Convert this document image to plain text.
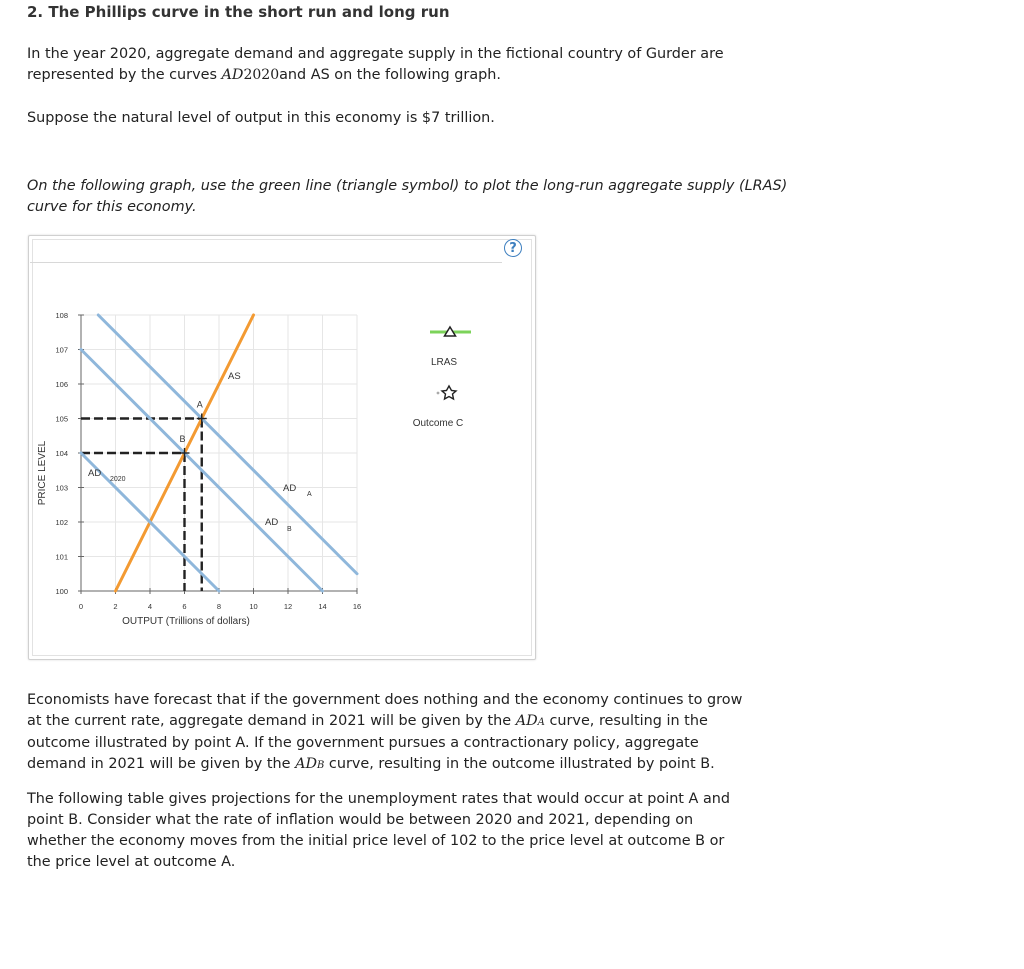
2. The Phillips curve in the short run and long run
In the year 2020, aggregate demand and aggregate supply in the fictional country of Gurder are
represented by the curves AD2020and AS on the following graph.
Suppose the natural level of output in this economy is $7 trillion.
On the following graph, use the green line (triangle symbol) to plot the long-run aggregate supply (LRAS) curve for this economy.
?
100
101
102
103
104
105
106
107
108
0	2	4	6	8	10	12	14	16
A
B
AS
AD
2020
AD
A
AD
B
PRICE LEVEL
OUTPUT (Trillions of dollars)
LRAS
Outcome C
Economists have forecast that if the government does nothing and the economy continues to grow
at the current rate, aggregate demand in 2021 will be given by the ADA curve, resulting in the
outcome illustrated by point A. If the government pursues a contractionary policy, aggregate
demand in 2021 will be given by the ADB curve, resulting in the outcome illustrated by point B.
The following table gives projections for the unemployment rates that would occur at point A and
point B. Consider what the rate of inflation would be between 2020 and 2021, depending on
whether the economy moves from the initial price level of 102 to the price level at outcome B or
the price level at outcome A.
